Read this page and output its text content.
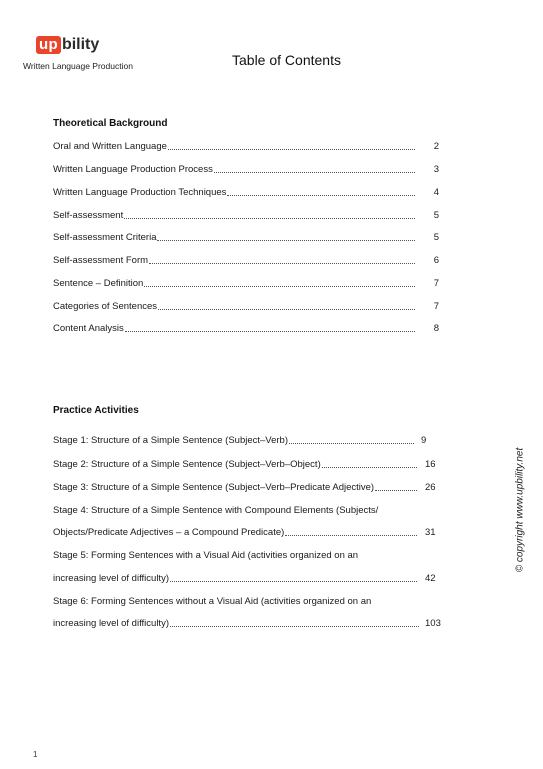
up bility
Written Language Production	Table of Contents
Theoretical Background
Oral and Written Language	2
Written Language Production Process	3
Written Language Production Techniques	4
Self-assessment	5
Self-assessment Criteria	5
Self-assessment Form	6
Sentence – Definition	7
Categories of Sentences	7
Content Analysis	8
Practice Activities
Stage 1: Structure of a Simple Sentence (Subject–Verb)	9
Stage 2: Structure of a Simple Sentence (Subject–Verb–Object)	16
Stage 3: Structure of a Simple Sentence (Subject–Verb–Predicate Adjective)	26
Stage 4: Structure of a Simple Sentence with Compound Elements (Subjects/
Objects/Predicate Adjectives – a Compound Predicate)	31
Stage 5: Forming Sentences with a Visual Aid (activities organized on an
increasing level of difficulty)	42
Stage 6: Forming Sentences without a Visual Aid (activities organized on an
increasing level of difficulty)	103
© copyright www.upbility.net
1
